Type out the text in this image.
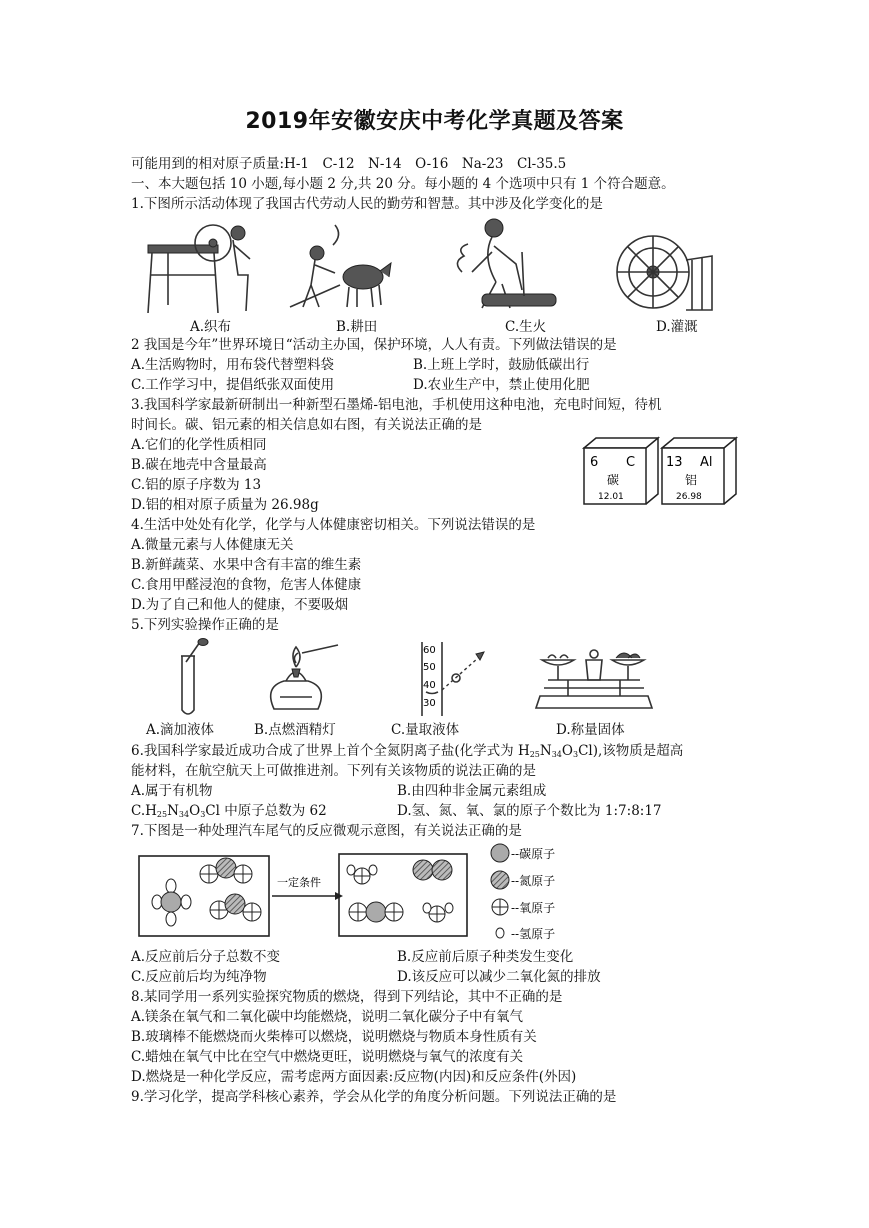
2019年安徽安庆中考化学真题及答案
可能用到的相对原子质量:H-1　C-12　N-14　O-16　Na-23　Cl-35.5
一、本大题包括 10 小题,每小题 2 分,共 20 分。每小题的 4 个选项中只有 1 个符合题意。
1.下图所示活动体现了我国古代劳动人民的勤劳和智慧。其中涉及化学变化的是
A.织布	B.耕田	C.生火	D.灌溉
2 我国是今年”世界环境日“活动主办国，保护环境，人人有责。下列做法错误的是
A.生活购物时，用布袋代替塑料袋	B.上班上学时，鼓励低碳出行
C.工作学习中，提倡纸张双面使用	D.农业生产中，禁止使用化肥
3.我国科学家最新研制出一种新型石墨烯-铝电池，手机使用这种电池，充电时间短，待机
时间长。碳、铝元素的相关信息如右图，有关说法正确的是
A.它们的化学性质相同
B.碳在地壳中含量最高
C.铝的原子序数为 13
D.铝的相对原子质量为 26.98g
6 C
碳
12.01
13 Al
铝
26.98
4.生活中处处有化学，化学与人体健康密切相关。下列说法错误的是
A.微量元素与人体健康无关
B.新鲜蔬菜、水果中含有丰富的维生素
C.食用甲醛浸泡的食物，危害人体健康
D.为了自己和他人的健康，不要吸烟
5.下列实验操作正确的是
60
50
40
30
A.滴加液体	B.点燃酒精灯	C.量取液体	D.称量固体
6.我国科学家最近成功合成了世界上首个全氮阴离子盐(化学式为 $H_{25}N_{34}O_3Cl$),该物质是超高
能材料，在航空航天上可做推进剂。下列有关该物质的说法正确的是
A.属于有机物	B.由四种非金属元素组成
$C.H_{25}N_{34}O_3Cl$ 中原子总数为 62	D.氢、氮、氧、氯的原子个数比为 1:7:8:17
7.下图是一种处理汽车尾气的反应微观示意图，有关说法正确的是
一定条件
--碳原子
--氮原子
--氧原子
--氢原子
A.反应前后分子总数不变	B.反应前后原子种类发生变化
C.反应前后均为纯净物	D.该反应可以减少二氧化氮的排放
8.某同学用一系列实验探究物质的燃烧，得到下列结论，其中不正确的是
A.镁条在氧气和二氧化碳中均能燃烧，说明二氧化碳分子中有氧气
B.玻璃棒不能燃烧而火柴棒可以燃烧，说明燃烧与物质本身性质有关
C.蜡烛在氧气中比在空气中燃烧更旺，说明燃烧与氧气的浓度有关
D.燃烧是一种化学反应，需考虑两方面因素:反应物(内因)和反应条件(外因)
9.学习化学，提高学科核心素养，学会从化学的角度分析问题。下列说法正确的是
